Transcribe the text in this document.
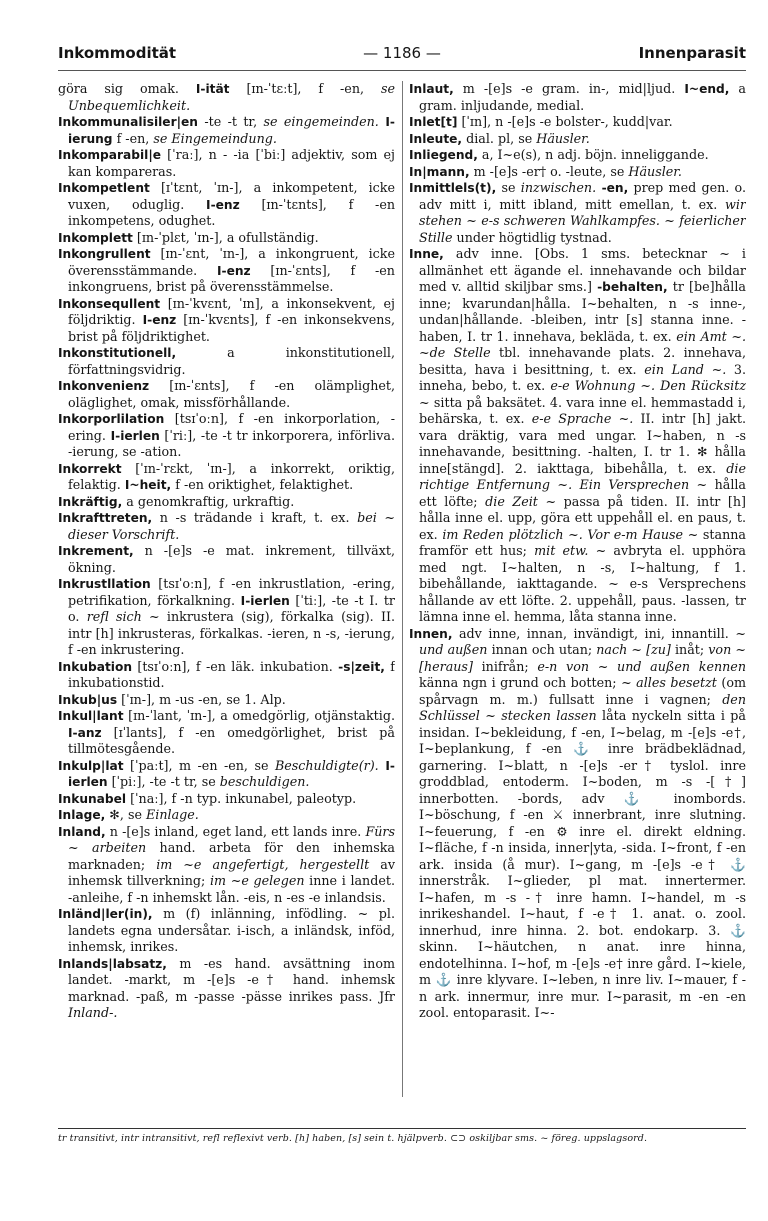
Inkommodität	— 1186 —	Innenparasit

göra sig omak. I-ität [ɪn-ˈtɛːt], f -en, se Unbequemlichkeit.

Inkommunalisiler|en -te -t tr, se eingemeinden. I-ierung f -en, se Eingemeindung.

Inkomparabil|e [ˈraː], n - -ia [ˈbiː] adjektiv, som ej kan kompareras.

Inkompetlent [ɪˈtɛnt, ˈɪn-], a inkompetent, icke vuxen, oduglig. I-enz [ɪn-ˈtɛnts], f -en inkompetens, odughet.

Inkomplett [ɪn-ˈplɛt, ˈɪn-], a ofullständig.

Inkongrullent [ɪn-ˈɛnt, ˈɪn-], a inkongruent, icke överensstämmande. I-enz [ɪn-ˈɛnts], f -en inkongruens, brist på överensstämmelse.

Inkonsequllent [ɪn-ˈkvɛnt, ˈɪn], a inkonsekvent, ej följdriktig. I-enz [ɪn-ˈkvɛnts], f -en inkonsekvens, brist på följdriktighet.

Inkonstitutionell, a inkonstitutionell, författningsvidrig.

Inkonvenienz [ɪn-ˈɛnts], f -en olämplighet, oläglighet, omak, missförhållande.

Inkorporlilation [tsɪˈoːn], f -en inkorporlation, -ering. I-ierlen [ˈriː], -te -t tr inkorporera, införliva. -ierung, se -ation.

Inkorrekt [ˈɪn-ˈrɛkt, ˈɪn-], a inkorrekt, oriktig, felaktig. I~heit, f -en oriktighet, felaktighet.

Inkräftig, a genomkraftig, urkraftig.

Inkrafttreten, n -s trädande i kraft, t. ex. bei ~ dieser Vorschrift.

Inkrement, n -[e]s -e mat. inkrement, tillväxt, ökning.

Inkrustllation [tsɪˈoːn], f -en inkrustlation, -ering, petrifikation, förkalkning. I-ierlen [ˈtiː], -te -t I. tr o. refl sich ~ inkrustera (sig), förkalka (sig). II. intr [h] inkrusteras, förkalkas. -ieren, n -s, -ierung, f -en inkrustering.

Inkubation [tsɪˈoːn], f -en läk. inkubation. -s|zeit, f inkubationstid.

Inkub|us [ˈɪn-], m -us -en, se 1. Alp.

Inkul|lant [ɪn-ˈlant, ˈɪn-], a omedgörlig, otjänstaktig. I-anz [ɪˈlants], f -en omedgörlighet, brist på tillmötesgående.

Inkulp|lat [ˈpaːt], m -en -en, se Beschuldigte(r). I-ierlen [ˈpiː], -te -t tr, se beschuldigen.

Inkunabel [ˈnaː], f -n typ. inkunabel, paleotyp.

Inlage, ✻, se Einlage.

Inland, n -[e]s inland, eget land, ett lands inre. Fürs ~ arbeiten hand. arbeta för den inhemska marknaden; im ~e angefertigt, hergestellt av inhemsk tillverkning; im ~e gelegen inne i landet. -anleihe, f -n inhemskt lån. -eis, n -es -e inlandsis.

Inländ|ler(in), m (f) inlänning, infödling. ~ pl. landets egna undersåtar. i-isch, a inländsk, inföd, inhemsk, inrikes.

Inlands|labsatz, m -es hand. avsättning inom landet. -markt, m -[e]s -e† hand. inhemsk marknad. -paß, m -passe -pässe inrikes pass. Jfr Inland-.

Inlaut, m -[e]s -e gram. in-, mid|ljud. I~end, a gram. inljudande, medial.

Inlet[t] [ˈɪn], n -[e]s -e bolster-, kudd|var.

Inleute, dial. pl, se Häusler.

Inliegend, a, I~e(s), n adj. böjn. inneliggande.

In|mann, m -[e]s -er† o. -leute, se Häusler.

Inmittlels(t), se inzwischen. -en, prep med gen. o. adv mitt i, mitt ibland, mitt emellan, t. ex. wir stehen ~ e-s schweren Wahlkampfes. ~ feierlicher Stille under högtidlig tystnad.

Inne, adv inne. [Obs. 1 sms. betecknar ~ i allmänhet ett ägande el. innehavande och bildar med v. alltid skiljbar sms.] -behalten, tr [be]hålla inne; kvarundan|hålla. I~behalten, n -s inne-, undan|hållande. -bleiben, intr [s] stanna inne. -haben, I. tr 1. innehava, bekläda, t. ex. ein Amt ~. ~de Stelle tbl. innehavande plats. 2. innehava, besitta, hava i besittning, t. ex. ein Land ~. 3. inneha, bebo, t. ex. e-e Wohnung ~. Den Rücksitz ~ sitta på baksätet. 4. vara inne el. hemmastadd i, behärska, t. ex. e-e Sprache ~. II. intr [h] jakt. vara dräktig, vara med ungar. I~haben, n -s innehavande, besittning. -halten, I. tr 1. ✻ hålla inne[stängd]. 2. iakttaga, bibehålla, t. ex. die richtige Entfernung ~. Ein Versprechen ~ hålla ett löfte; die Zeit ~ passa på tiden. II. intr [h] hålla inne el. upp, göra ett uppehåll el. en paus, t. ex. im Reden plötzlich ~. Vor e-m Hause ~ stanna framför ett hus; mit etw. ~ avbryta el. upphöra med ngt. I~halten, n -s, I~haltung, f 1. bibehållande, iakttagande. ~ e-s Versprechens hållande av ett löfte. 2. uppehåll, paus. -lassen, tr lämna inne el. hemma, låta stanna inne.

Innen, adv inne, innan, invändigt, ini, innantill. ~ und außen innan och utan; nach ~ [zu] inåt; von ~ [heraus] inifrån; e-n von ~ und außen kennen känna ngn i grund och botten; ~ alles besetzt (om spårvagn m. m.) fullsatt inne i vagnen; den Schlüssel ~ stecken lassen låta nyckeln sitta i på insidan. I~bekleidung, f -en, I~belag, m -[e]s -e†, I~beplankung, f -en ⚓ inre brädbeklädnad, garnering. I~blatt, n -[e]s -er† tyslol. inre groddblad, entoderm. I~boden, m -s -[†] innerbotten. -bords, adv ⚓ inombords. I~böschung, f -en ⚔ innerbrant, inre slutning. I~feuerung, f -en ⚙ inre el. direkt eldning. I~fläche, f -n insida, inner|yta, -sida. I~front, f -en ark. insida (å mur). I~gang, m -[e]s -e† ⚓ innerstråk. I~glieder, pl mat. innertermer. I~hafen, m -s -† inre hamn. I~handel, m -s inrikeshandel. I~haut, f -e† 1. anat. o. zool. innerhud, inre hinna. 2. bot. endokarp. 3. ⚓ skinn. I~häutchen, n anat. inre hinna, endotelhinna. I~hof, m -[e]s -e† inre gård. I~kiele, m ⚓ inre klyvare. I~leben, n inre liv. I~mauer, f -n ark. innermur, inre mur. I~parasit, m -en -en zool. entoparasit. I~-

tr transitivt, intr intransitivt, refl reflexivt verb. [h] haben, [s] sein t. hjälpverb. ⊂⊃ oskiljbar sms. ~ föreg. uppslagsord.
